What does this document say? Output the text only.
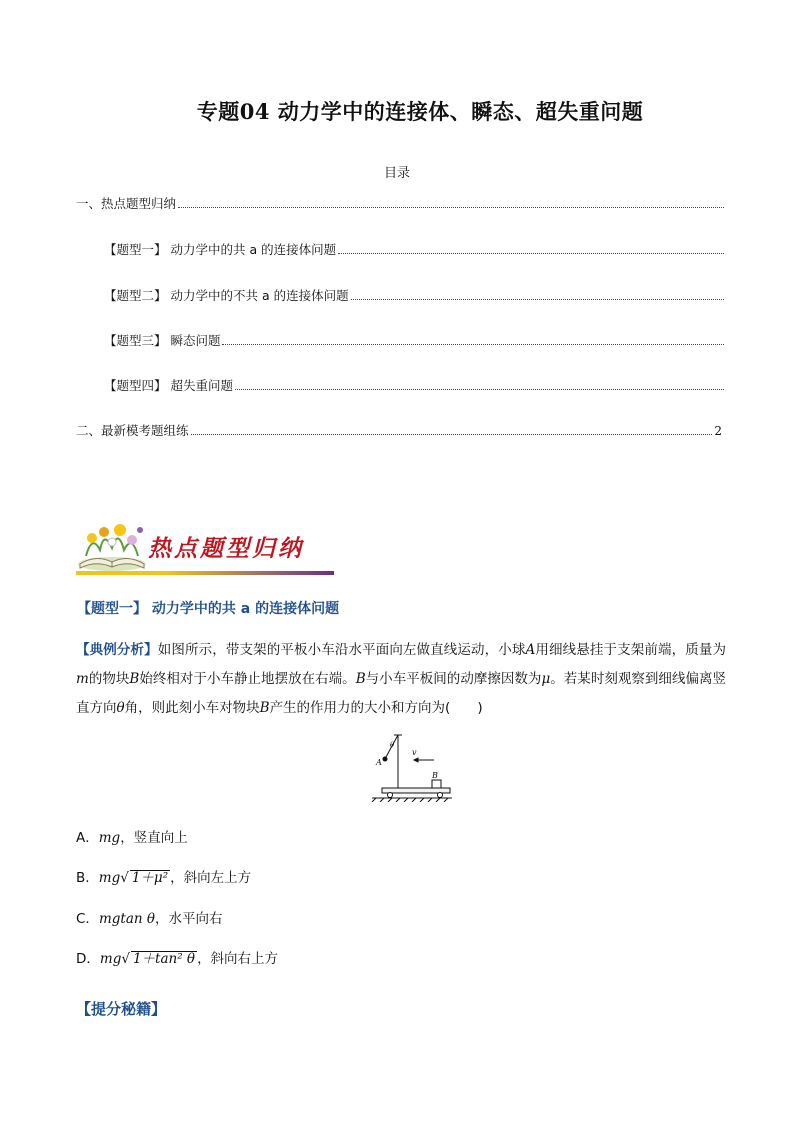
专题04 动力学中的连接体、瞬态、超失重问题
目录
一、热点题型归纳
【题型一】 动力学中的共 a 的连接体问题
【题型二】 动力学中的不共 a 的连接体问题
【题型三】 瞬态问题
【题型四】 超失重问题
二、最新模考题组练	2
热点题型归纳
【题型一】 动力学中的共 a 的连接体问题
【典例分析】如图所示，带支架的平板小车沿水平面向左做直线运动，小球A用细线悬挂于支架前端，质量为m的物块B始终相对于小车静止地摆放在右端。B与小车平板间的动摩擦因数为μ。若某时刻观察到细线偏离竖直方向θ角，则此刻小车对物块B产生的作用力的大小和方向为(　　)
A
θ
B
v
A．mg，竖直向上
B．mg√ 1＋μ² ，斜向左上方
C．mgtan θ，水平向右
D．mg√ 1＋tan² θ ，斜向右上方
【提分秘籍】
